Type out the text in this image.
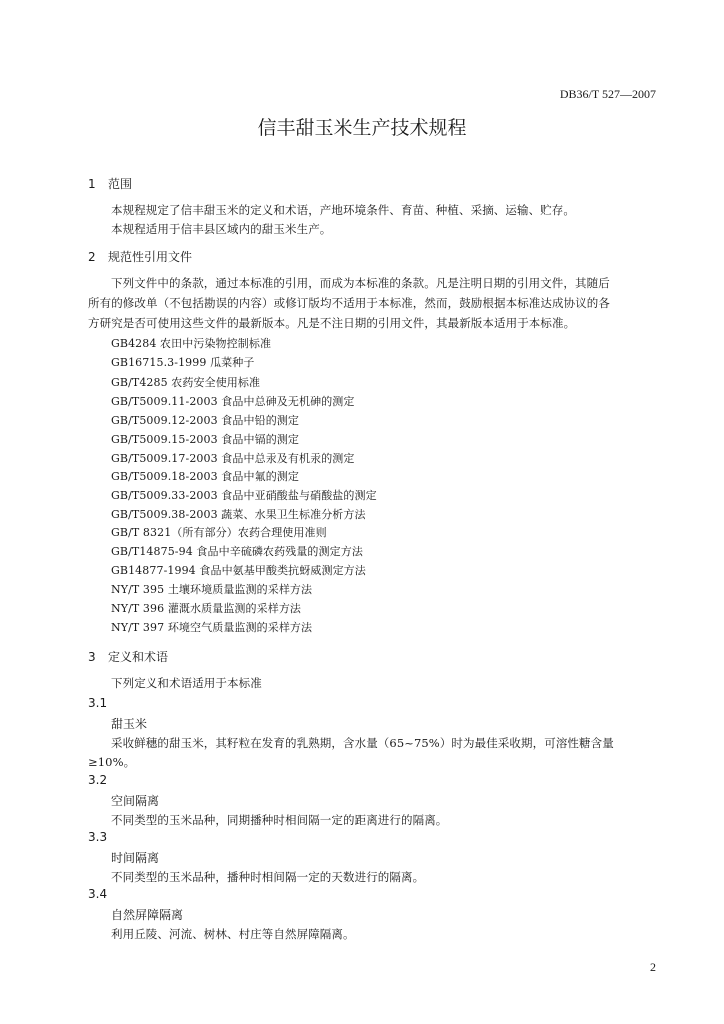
DB36/T 527—2007
信丰甜玉米生产技术规程
1 范围
本规程规定了信丰甜玉米的定义和术语，产地环境条件、育苗、种植、采摘、运输、贮存。
本规程适用于信丰县区域内的甜玉米生产。
2 规范性引用文件
下列文件中的条款，通过本标准的引用，而成为本标准的条款。凡是注明日期的引用文件，其随后
所有的修改单（不包括勘误的内容）或修订版均不适用于本标准，然而，鼓励根据本标准达成协议的各
方研究是否可使用这些文件的最新版本。凡是不注日期的引用文件，其最新版本适用于本标准。
GB4284 农田中污染物控制标准
GB16715.3-1999 瓜菜种子
GB/T4285 农药安全使用标准
GB/T5009.11-2003 食品中总砷及无机砷的测定
GB/T5009.12-2003 食品中铅的测定
GB/T5009.15-2003 食品中镉的测定
GB/T5009.17-2003 食品中总汞及有机汞的测定
GB/T5009.18-2003 食品中氟的测定
GB/T5009.33-2003 食品中亚硝酸盐与硝酸盐的测定
GB/T5009.38-2003 蔬菜、水果卫生标准分析方法
GB/T 8321（所有部分）农药合理使用准则
GB/T14875-94 食品中辛硫磷农药残量的测定方法
GB14877-1994 食品中氨基甲酸类抗蚜威测定方法
NY/T 395 土壤环境质量监测的采样方法
NY/T 396 灌溉水质量监测的采样方法
NY/T 397 环境空气质量监测的采样方法
3 定义和术语
下列定义和术语适用于本标准
3.1
甜玉米
采收鲜穗的甜玉米，其籽粒在发育的乳熟期，含水量（65~75%）时为最佳采收期，可溶性糖含量
≥10%。
3.2
空间隔离
不同类型的玉米品种，同期播种时相间隔一定的距离进行的隔离。
3.3
时间隔离
不同类型的玉米品种，播种时相间隔一定的天数进行的隔离。
3.4
自然屏障隔离
利用丘陵、河流、树林、村庄等自然屏障隔离。
2
